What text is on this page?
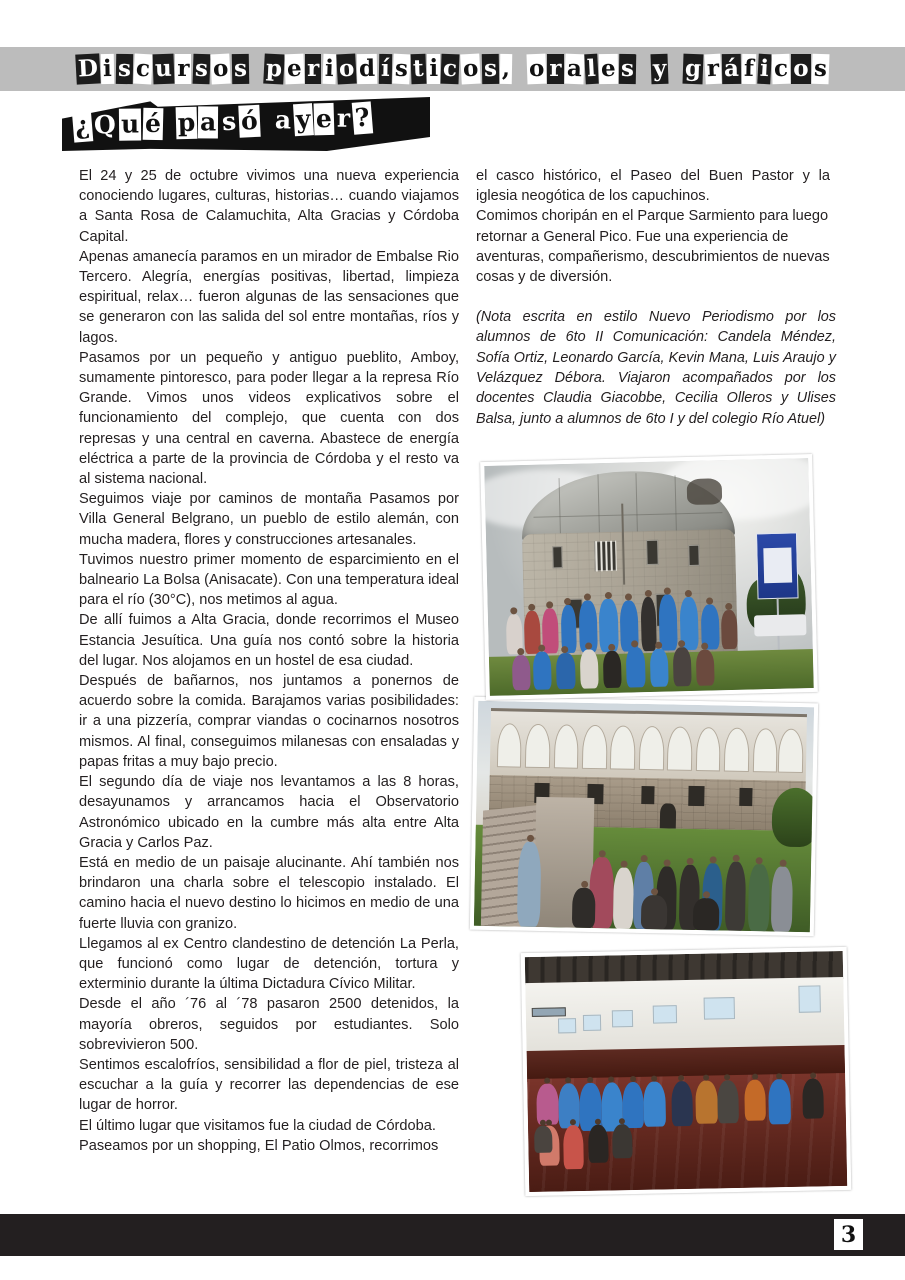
D i s c u r s o s p e r i o d í s t i c o s , o r a l e s y g r á f i c o s
¿ Q u é p a s ó a y e r ?

El 24 y 25 de octubre vivimos una nueva experiencia conociendo lugares, culturas, historias… cuando viajamos a Santa Rosa de Calamuchita, Alta Gracias y Córdoba Capital.

Apenas amanecía paramos en un mirador de Embalse Rio Tercero. Alegría, energías positivas, libertad, limpieza espiritual, relax… fueron algunas de las sensaciones que se generaron con las salida del sol entre montañas, ríos y lagos.

Pasamos por un pequeño y antiguo pueblito, Amboy, sumamente pintoresco, para poder llegar a la represa Río Grande. Vimos unos videos explicativos sobre el funcionamiento del complejo, que cuenta con dos represas y una central en caverna. Abastece de energía eléctrica a parte de la provincia de Córdoba y el resto va al sistema nacional.

Seguimos viaje por caminos de montaña Pasamos por Villa General Belgrano, un pueblo de estilo alemán, con mucha madera, flores y construcciones artesanales.

Tuvimos nuestro primer momento de esparcimiento en el balneario La Bolsa (Anisacate). Con una temperatura ideal para el río (30°C), nos metimos al agua.

De allí fuimos a Alta Gracia, donde recorrimos el Museo Estancia Jesuítica. Una guía nos contó sobre la historia del lugar. Nos alojamos en un hostel de esa ciudad.

Después de bañarnos, nos juntamos a ponernos de acuerdo sobre la comida. Barajamos varias posibilidades: ir a una pizzería, comprar viandas o cocinarnos nosotros mismos. Al final, conseguimos milanesas con ensaladas y papas fritas a muy bajo precio.

El segundo día de viaje nos levantamos a las 8 horas, desayunamos y arrancamos hacia el Observatorio Astronómico ubicado en la cumbre más alta entre Alta Gracia y Carlos Paz.

Está en medio de un paisaje alucinante. Ahí también nos brindaron una charla sobre el telescopio instalado. El camino hacia el nuevo destino lo hicimos en medio de una fuerte lluvia con granizo.

Llegamos al ex Centro clandestino de detención La Perla, que funcionó como lugar de detención, tortura y exterminio durante la última Dictadura Cívico Militar.

Desde el año ´76 al ´78 pasaron 2500 detenidos, la mayoría obreros, seguidos por estudiantes. Solo sobrevivieron 500.

Sentimos escalofríos, sensibilidad a flor de piel, tristeza al escuchar a la guía y recorrer las dependencias de ese lugar de horror.

El último lugar que visitamos fue la ciudad de Córdoba. Paseamos por un shopping, El Patio Olmos, recorrimos

el casco histórico, el Paseo del Buen Pastor y la iglesia neogótica de los capuchinos.

Comimos choripán en el Parque Sarmiento para luego retornar a General Pico. Fue una experiencia de aventuras, compañerismo, descubrimientos de nuevas cosas y de diversión.

(Nota escrita en estilo Nuevo Periodismo por los alumnos de 6to II Comunicación: Candela Méndez, Sofía Ortiz, Leonardo García, Kevin Mana, Luis Araujo y Velázquez Débora. Viajaron acompañados por los docentes Claudia Giacobbe, Cecilia Olleros y Ulises Balsa, junto a alumnos de 6to I y del colegio Río Atuel)

3
